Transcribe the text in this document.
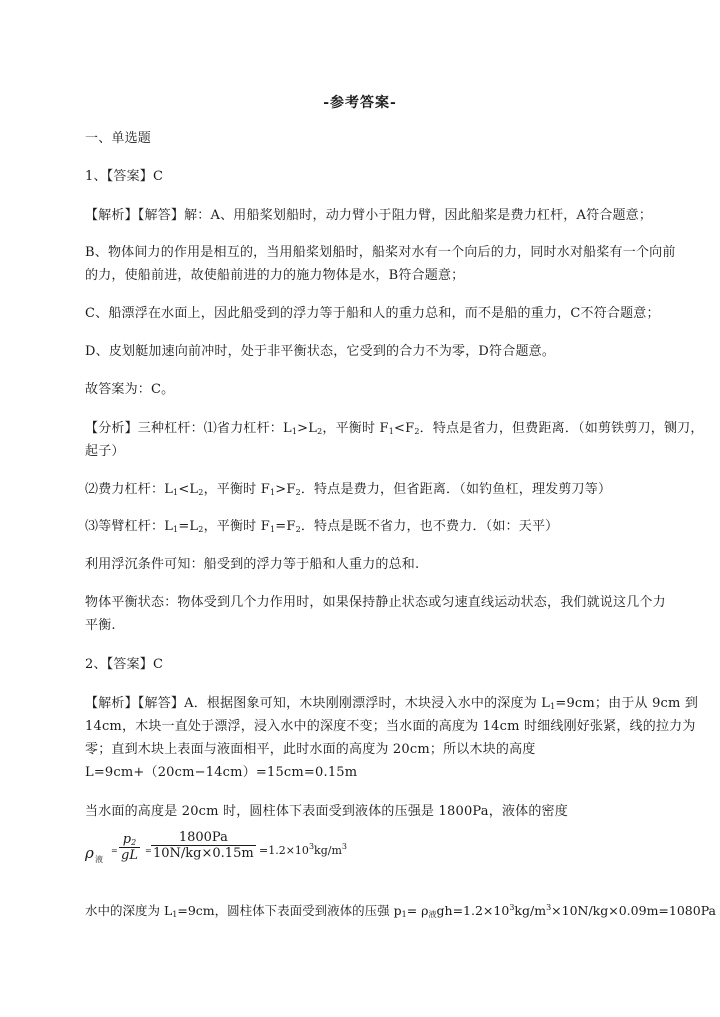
-参考答案-
一、单选题
1、【答案】C
【解析】【解答】解：A、用船桨划船时，动力臂小于阻力臂，因此船桨是费力杠杆，A符合题意；
B、物体间力的作用是相互的，当用船桨划船时，船桨对水有一个向后的力，同时水对船桨有一个向前
的力，使船前进，故使船前进的力的施力物体是水，B符合题意；
C、船漂浮在水面上，因此船受到的浮力等于船和人的重力总和，而不是船的重力，C不符合题意；
D、皮划艇加速向前冲时，处于非平衡状态，它受到的合力不为零，D符合题意。
故答案为：C。
【分析】三种杠杆：⑴省力杠杆：$L_1>L_2$，平衡时 $F_1<F_2$．特点是省力，但费距离．（如剪铁剪刀，铡刀，
起子）
⑵费力杠杆：$L_1<L_2$，平衡时 $F_1>F_2$．特点是费力，但省距离．（如钓鱼杠，理发剪刀等）
⑶等臂杠杆：$L_1=L_2$，平衡时 $F_1=F_2$．特点是既不省力，也不费力．（如：天平）
利用浮沉条件可知：船受到的浮力等于船和人重力的总和.
物体平衡状态：物体受到几个力作用时，如果保持静止状态或匀速直线运动状态，我们就说这几个力
平衡.
2、【答案】C
【解析】【解答】A．根据图象可知，木块刚刚漂浮时，木块浸入水中的深度为 $L_1=9cm$；由于从 9cm 到
14cm，木块一直处于漂浮，浸入水中的深度不变；当水面的高度为 14cm 时细线刚好张紧，线的拉力为
零；直到木块上表面与液面相平，此时水面的高度为 20cm；所以木块的高度
L=9cm+（20cm−14cm）=15cm=0.15m
当水面的高度是 20cm 时，圆柱体下表面受到液体的压强是 1800Pa，液体的密度
ρ 液
= $\frac{p_2}{gL} = \frac{1800Pa}{10N/kg\times 0.15m} =1.2\times 10^3kg/m^3$
水中的深度为 $L_1=9cm$，圆柱体下表面受到液体的压强 $p_1= \rho_液gh=1.2\times 10^3kg/m^3\times 10N/kg\times 0.09m=1080Pa$
